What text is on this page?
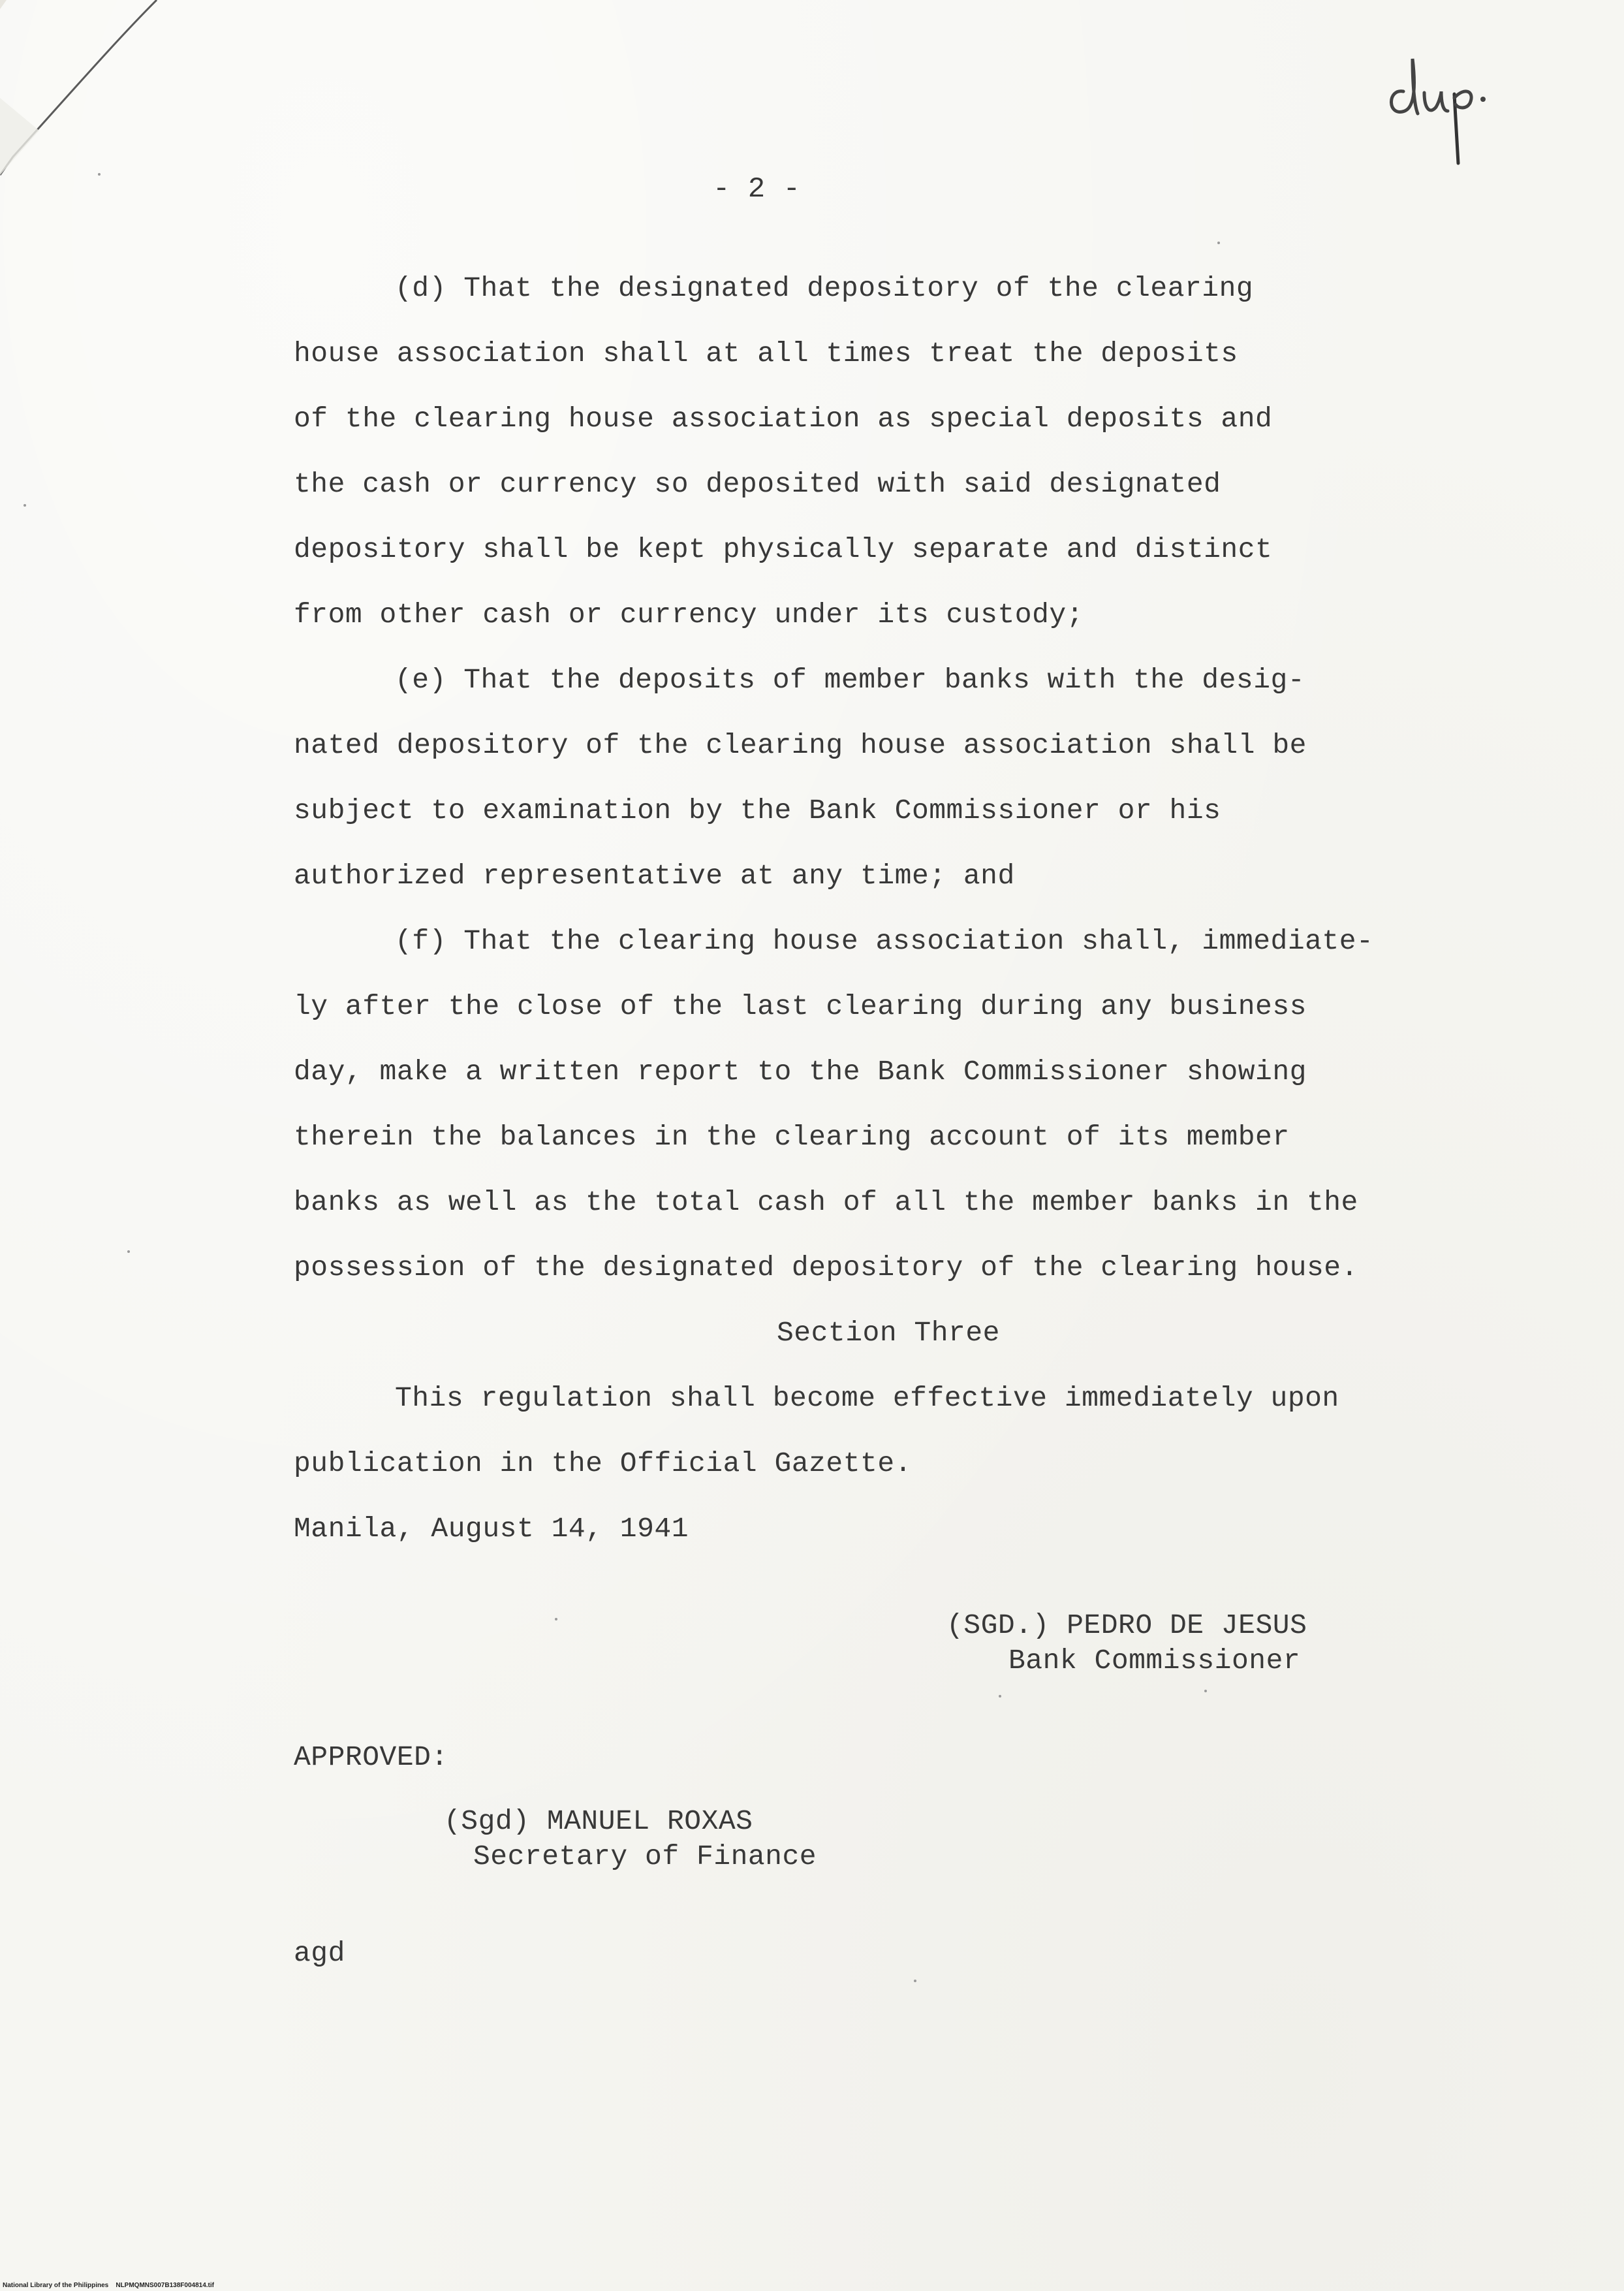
- 2 -
(d) That the designated depository of the clearing
house association shall at all times treat the deposits
of the clearing house association as special deposits and
the cash or currency so deposited with said designated
depository shall be kept physically separate and distinct
from other cash or currency under its custody;
(e) That the deposits of member banks with the desig-
nated depository of the clearing house association shall be
subject to examination by the Bank Commissioner or his
authorized representative at any time; and
(f) That the clearing house association shall, immediate-
ly after the close of the last clearing during any business
day, make a written report to the Bank Commissioner showing
therein the balances in the clearing account of its member
banks as well as the total cash of all the member banks in the
possession of the designated depository of the clearing house.
Section Three
This regulation shall become effective immediately upon
publication in the Official Gazette.
Manila, August 14, 1941
(SGD.) PEDRO DE JESUS
Bank Commissioner
APPROVED:
(Sgd) MANUEL ROXAS
Secretary of Finance
agd
National Library of the Philippines    NLPMQMNS007B138F004814.tif
